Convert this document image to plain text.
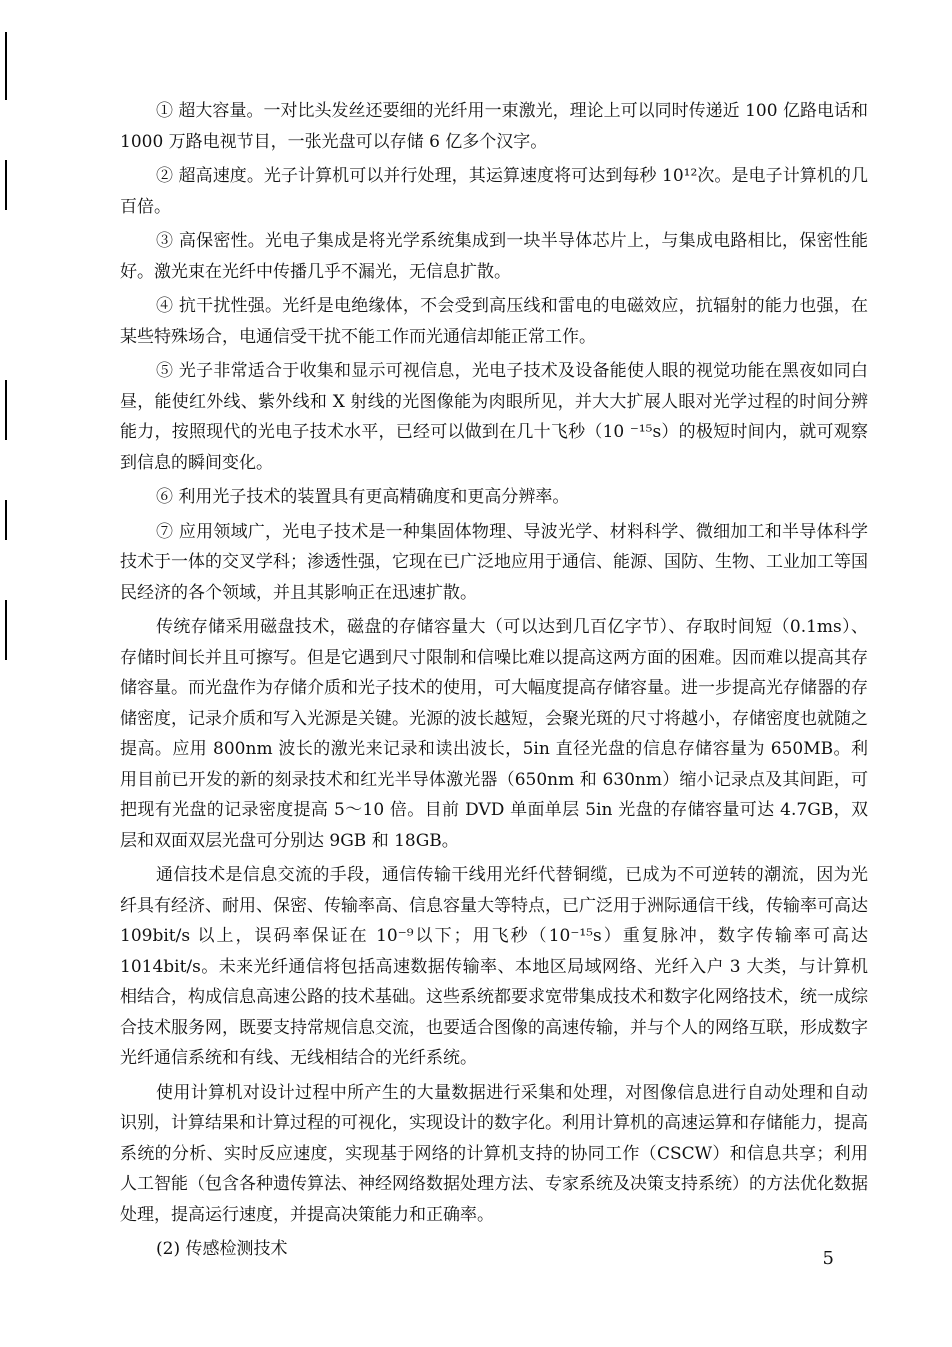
① 超大容量。一对比头发丝还要细的光纤用一束激光，理论上可以同时传递近 100 亿路电话和 1000 万路电视节目，一张光盘可以存储 6 亿多个汉字。

② 超高速度。光子计算机可以并行处理，其运算速度将可达到每秒 10¹²次。是电子计算机的几百倍。

③ 高保密性。光电子集成是将光学系统集成到一块半导体芯片上，与集成电路相比，保密性能好。激光束在光纤中传播几乎不漏光，无信息扩散。

④ 抗干扰性强。光纤是电绝缘体，不会受到高压线和雷电的电磁效应，抗辐射的能力也强，在某些特殊场合，电通信受干扰不能工作而光通信却能正常工作。

⑤ 光子非常适合于收集和显示可视信息，光电子技术及设备能使人眼的视觉功能在黑夜如同白昼，能使红外线、紫外线和 X 射线的光图像能为肉眼所见，并大大扩展人眼对光学过程的时间分辨能力，按照现代的光电子技术水平，已经可以做到在几十飞秒（10 ⁻¹⁵s）的极短时间内，就可观察到信息的瞬间变化。

⑥ 利用光子技术的装置具有更高精确度和更高分辨率。

⑦ 应用领域广，光电子技术是一种集固体物理、导波光学、材料科学、微细加工和半导体科学技术于一体的交叉学科；渗透性强，它现在已广泛地应用于通信、能源、国防、生物、工业加工等国民经济的各个领域，并且其影响正在迅速扩散。

传统存储采用磁盘技术，磁盘的存储容量大（可以达到几百亿字节）、存取时间短（0.1ms）、存储时间长并且可擦写。但是它遇到尺寸限制和信噪比难以提高这两方面的困难。因而难以提高其存储容量。而光盘作为存储介质和光子技术的使用，可大幅度提高存储容量。进一步提高光存储器的存储密度，记录介质和写入光源是关键。光源的波长越短，会聚光斑的尺寸将越小，存储密度也就随之提高。应用 800nm 波长的激光来记录和读出波长，5in 直径光盘的信息存储容量为 650MB。利用目前已开发的新的刻录技术和红光半导体激光器（650nm 和 630nm）缩小记录点及其间距，可把现有光盘的记录密度提高 5～10 倍。目前 DVD 单面单层 5in 光盘的存储容量可达 4.7GB，双层和双面双层光盘可分别达 9GB 和 18GB。

通信技术是信息交流的手段，通信传输干线用光纤代替铜缆，已成为不可逆转的潮流，因为光纤具有经济、耐用、保密、传输率高、信息容量大等特点，已广泛用于洲际通信干线，传输率可高达 109bit/s 以上，误码率保证在 10⁻⁹以下；用飞秒（10⁻¹⁵s）重复脉冲，数字传输率可高达 1014bit/s。未来光纤通信将包括高速数据传输率、本地区局域网络、光纤入户 3 大类，与计算机相结合，构成信息高速公路的技术基础。这些系统都要求宽带集成技术和数字化网络技术，统一成综合技术服务网，既要支持常规信息交流，也要适合图像的高速传输，并与个人的网络互联，形成数字光纤通信系统和有线、无线相结合的光纤系统。

使用计算机对设计过程中所产生的大量数据进行采集和处理，对图像信息进行自动处理和自动识别，计算结果和计算过程的可视化，实现设计的数字化。利用计算机的高速运算和存储能力，提高系统的分析、实时反应速度，实现基于网络的计算机支持的协同工作（CSCW）和信息共享；利用人工智能（包含各种遗传算法、神经网络数据处理方法、专家系统及决策支持系统）的方法优化数据处理，提高运行速度，并提高决策能力和正确率。

(2) 传感检测技术	5
